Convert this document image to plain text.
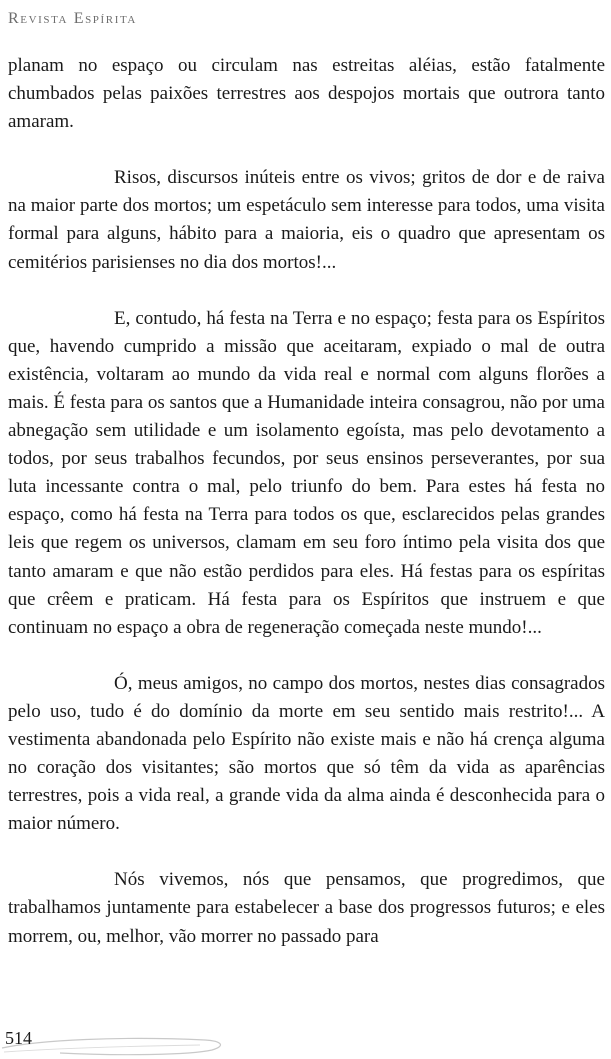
Revista Espírita

planam no espaço ou circulam nas estreitas aléias, estão fatalmente chumbados pelas paixões terrestres aos despojos mortais que outrora tanto amaram.

Risos, discursos inúteis entre os vivos; gritos de dor e de raiva na maior parte dos mortos; um espetáculo sem interesse para todos, uma visita formal para alguns, hábito para a maioria, eis o quadro que apresentam os cemitérios parisienses no dia dos mortos!...

E, contudo, há festa na Terra e no espaço; festa para os Espíritos que, havendo cumprido a missão que aceitaram, expiado o mal de outra existência, voltaram ao mundo da vida real e normal com alguns florões a mais. É festa para os santos que a Humanidade inteira consagrou, não por uma abnegação sem utilidade e um isolamento egoísta, mas pelo devotamento a todos, por seus trabalhos fecundos, por seus ensinos perseverantes, por sua luta incessante contra o mal, pelo triunfo do bem. Para estes há festa no espaço, como há festa na Terra para todos os que, esclarecidos pelas grandes leis que regem os universos, clamam em seu foro íntimo pela visita dos que tanto amaram e que não estão perdidos para eles. Há festas para os espíritas que crêem e praticam. Há festa para os Espíritos que instruem e que continuam no espaço a obra de regeneração começada neste mundo!...

Ó, meus amigos, no campo dos mortos, nestes dias consagrados pelo uso, tudo é do domínio da morte em seu sentido mais restrito!... A vestimenta abandonada pelo Espírito não existe mais e não há crença alguma no coração dos visitantes; são mortos que só têm da vida as aparências terrestres, pois a vida real, a grande vida da alma ainda é desconhecida para o maior número.

Nós vivemos, nós que pensamos, que progredimos, que trabalhamos juntamente para estabelecer a base dos progressos futuros; e eles morrem, ou, melhor, vão morrer no passado para

514
